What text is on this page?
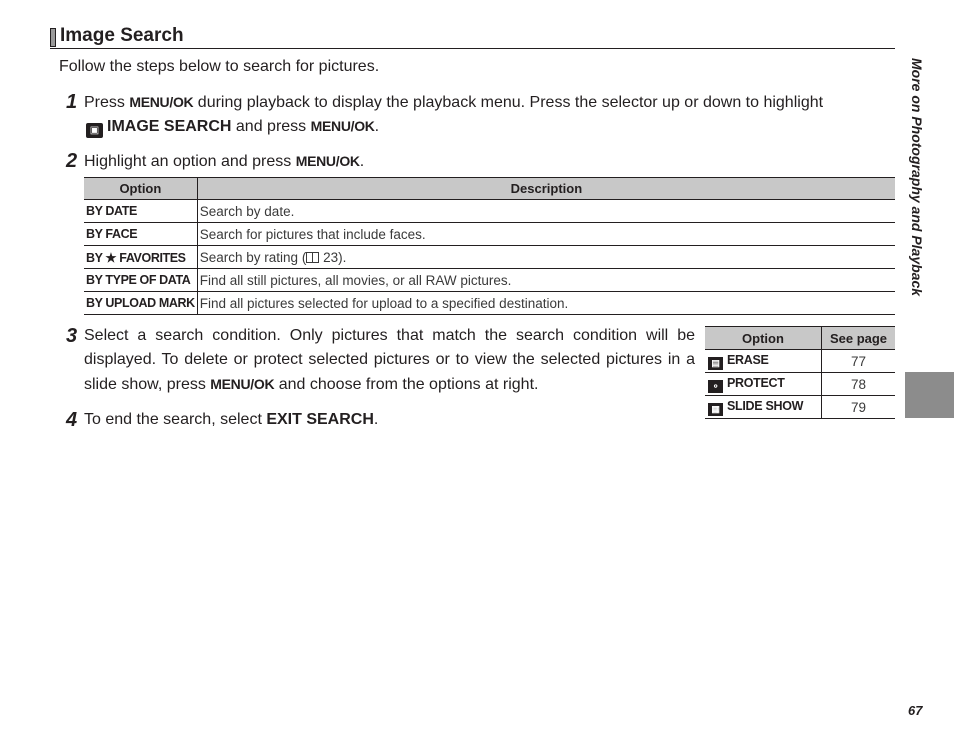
Image Search
Follow the steps below to search for pictures.
1 Press MENU/OK during playback to display the playback menu. Press the selector up or down to highlight
▣ IMAGE SEARCH and press MENU/OK.
2 Highlight an option and press MENU/OK.
Option	Description
BY DATE	Search by date.
BY FACE	Search for pictures that include faces.
BY ★ FAVORITES	Search by rating ( 23).
BY TYPE OF DATA	Find all still pictures, all movies, or all RAW pictures.
BY UPLOAD MARK	Find all pictures selected for upload to a specified destination.
3 Select a search condition. Only pictures that match the search condition will be displayed. To delete or protect selected pictures or to view the selected pictures in a slide show, press MENU/OK and choose from the options at right.
Option	See page
▤ ERASE	77
⚬ PROTECT	78
▦ SLIDE SHOW	79
4 To end the search, select EXIT SEARCH.
More on Photography and Playback
67
